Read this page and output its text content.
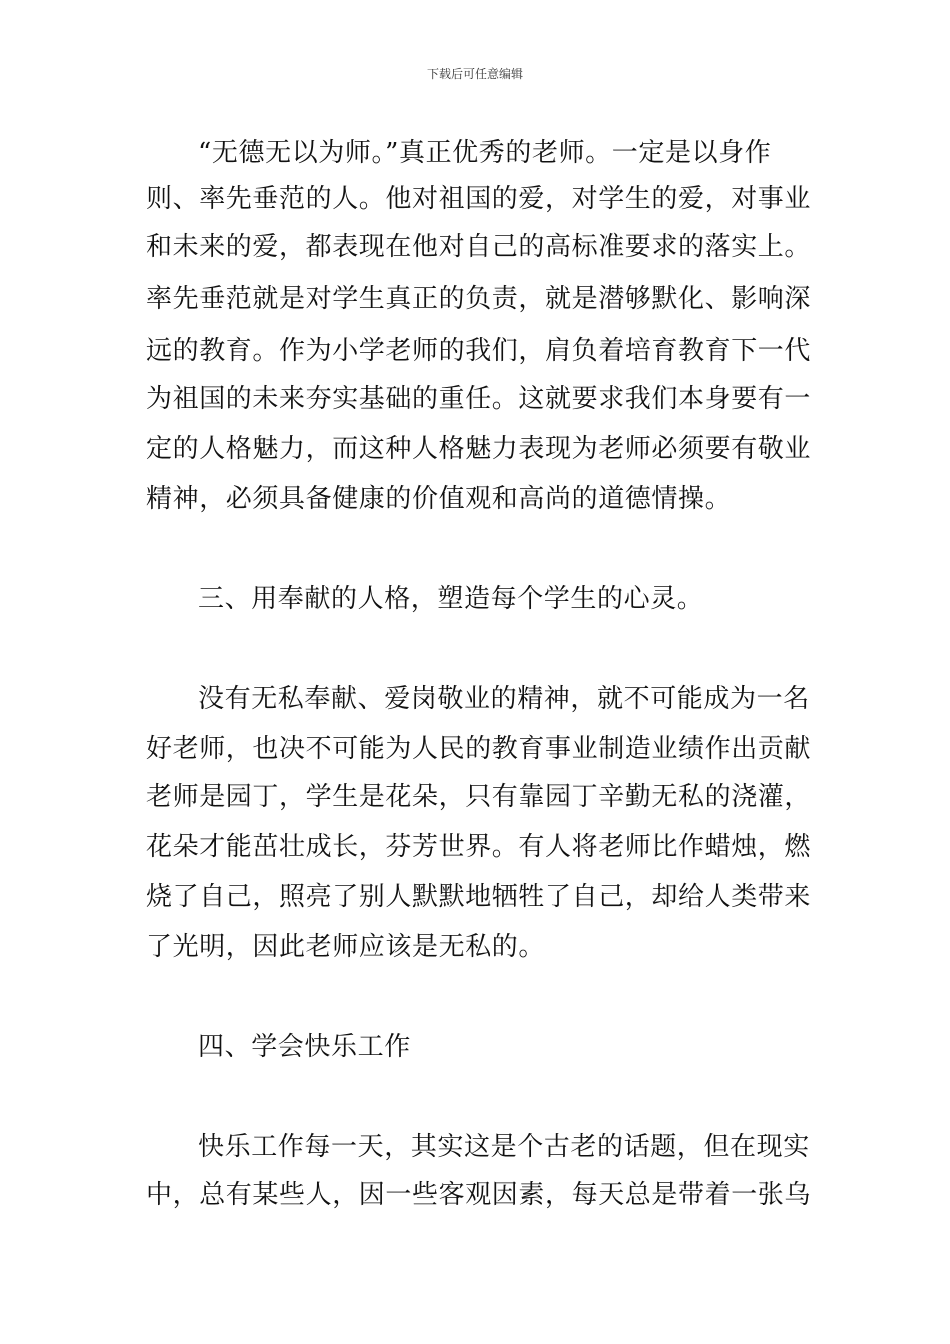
下载后可任意编辑
“无德无以为师。”真正优秀的老师。一定是以身作
则、率先垂范的人。他对祖国的爱，对学生的爱，对事业
和未来的爱，都表现在他对自己的高标准要求的落实上。
率先垂范就是对学生真正的负责，就是潜够默化、影响深
远的教育。作为小学老师的我们，肩负着培育教育下一代
为祖国的未来夯实基础的重任。这就要求我们本身要有一
定的人格魅力，而这种人格魅力表现为老师必须要有敬业
精神，必须具备健康的价值观和高尚的道德情操。
三、用奉献的人格，塑造每个学生的心灵。
没有无私奉献、爱岗敬业的精神，就不可能成为一名
好老师，也决不可能为人民的教育事业制造业绩作出贡献
老师是园丁，学生是花朵，只有靠园丁辛勤无私的浇灌，
花朵才能茁壮成长，芬芳世界。有人将老师比作蜡烛，燃
烧了自己，照亮了别人默默地牺牲了自己，却给人类带来
了光明，因此老师应该是无私的。
四、学会快乐工作
快乐工作每一天，其实这是个古老的话题，但在现实
中，总有某些人，因一些客观因素，每天总是带着一张乌
